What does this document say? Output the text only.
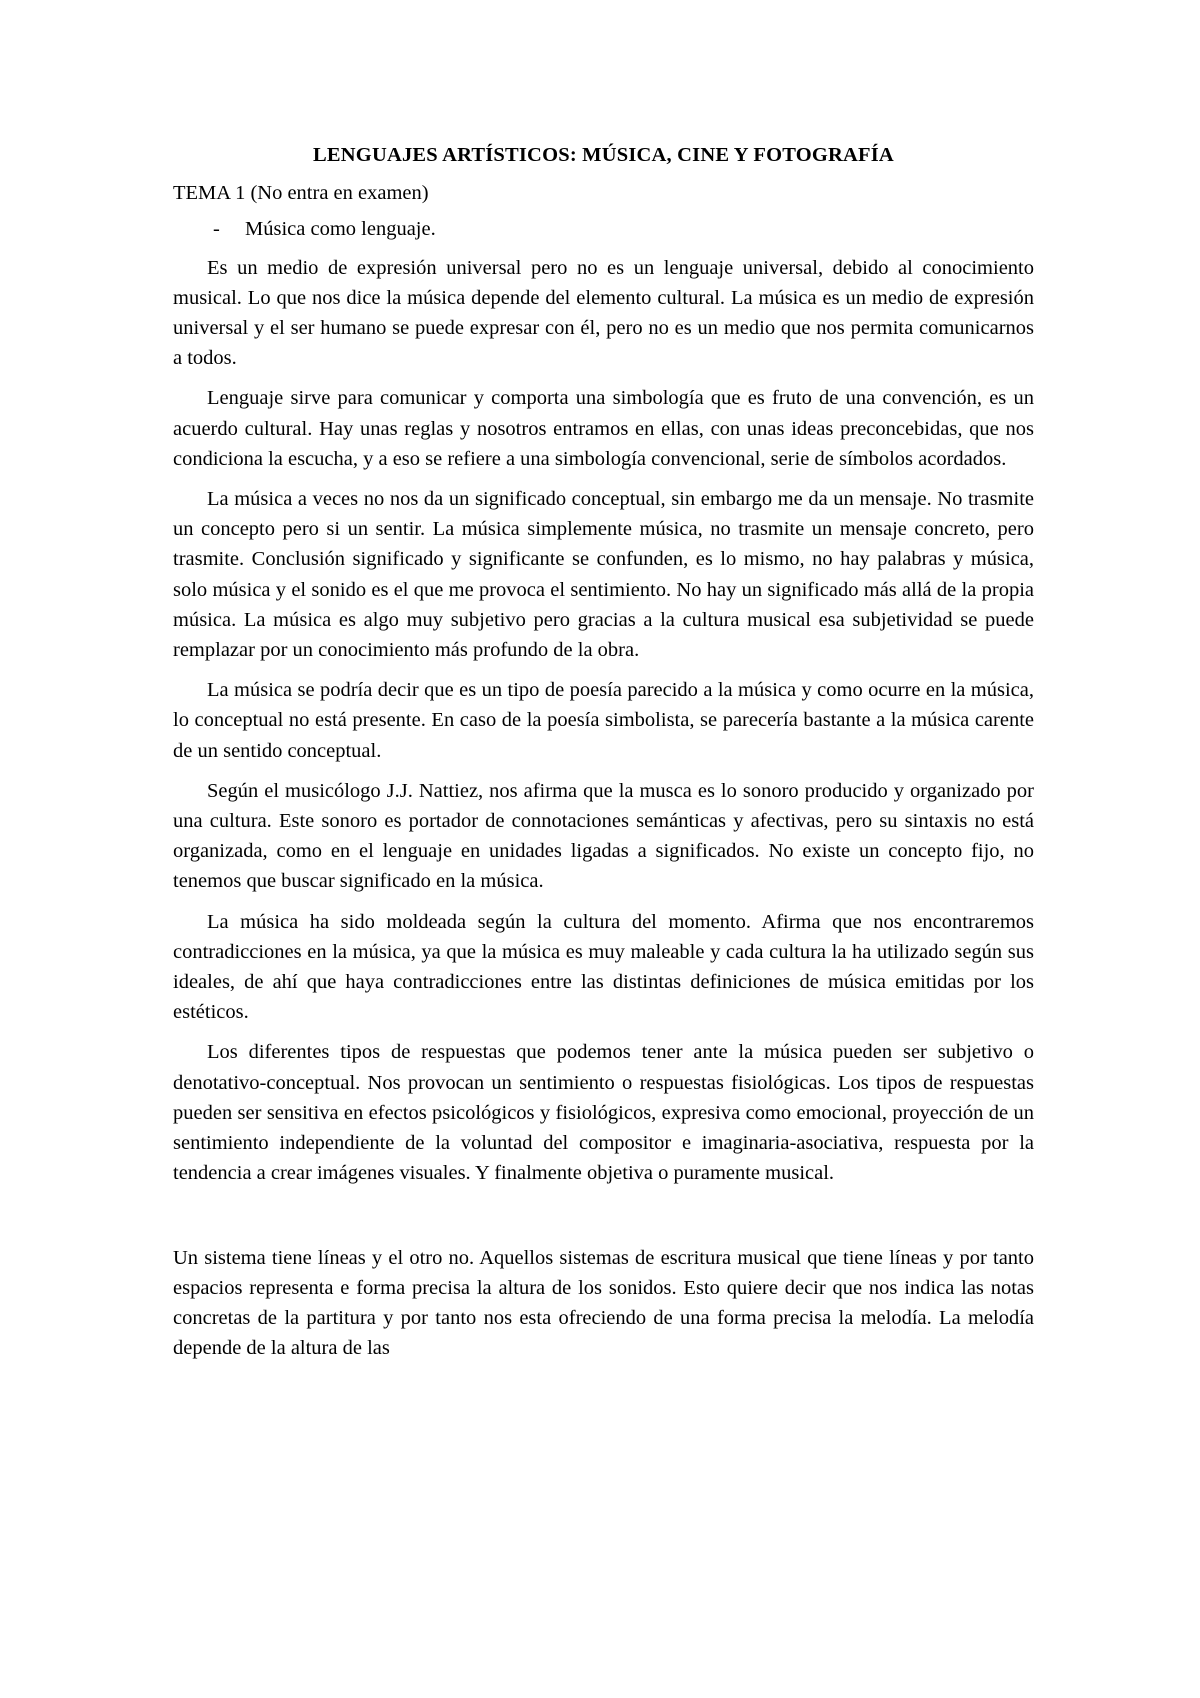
LENGUAJES ARTÍSTICOS: MÚSICA, CINE Y FOTOGRAFÍA
TEMA 1 (No entra en examen)
- Música como lenguaje.

Es un medio de expresión universal pero no es un lenguaje universal, debido al conocimiento musical. Lo que nos dice la música depende del elemento cultural. La música es un medio de expresión universal y el ser humano se puede expresar con él, pero no es un medio que nos permita comunicarnos a todos.

Lenguaje sirve para comunicar y comporta una simbología que es fruto de una convención, es un acuerdo cultural. Hay unas reglas y nosotros entramos en ellas, con unas ideas preconcebidas, que nos condiciona la escucha, y a eso se refiere a una simbología convencional, serie de símbolos acordados.

La música a veces no nos da un significado conceptual, sin embargo me da un mensaje. No trasmite un concepto pero si un sentir. La música simplemente música, no trasmite un mensaje concreto, pero trasmite. Conclusión significado y significante se confunden, es lo mismo, no hay palabras y música, solo música y el sonido es el que me provoca el sentimiento. No hay un significado más allá de la propia música. La música es algo muy subjetivo pero gracias a la cultura musical esa subjetividad se puede remplazar por un conocimiento más profundo de la obra.

La música se podría decir que es un tipo de poesía parecido a la música y como ocurre en la música, lo conceptual no está presente. En caso de la poesía simbolista, se parecería bastante a la música carente de un sentido conceptual.

Según el musicólogo J.J. Nattiez, nos afirma que la musca es lo sonoro producido y organizado por una cultura. Este sonoro es portador de connotaciones semánticas y afectivas, pero su sintaxis no está organizada, como en el lenguaje en unidades ligadas a significados. No existe un concepto fijo, no tenemos que buscar significado en la música.

La música ha sido moldeada según la cultura del momento. Afirma que nos encontraremos contradicciones en la música, ya que la música es muy maleable y cada cultura la ha utilizado según sus ideales, de ahí que haya contradicciones entre las distintas definiciones de música emitidas por los estéticos.

Los diferentes tipos de respuestas que podemos tener ante la música pueden ser subjetivo o denotativo-conceptual. Nos provocan un sentimiento o respuestas fisiológicas. Los tipos de respuestas pueden ser sensitiva en efectos psicológicos y fisiológicos, expresiva como emocional, proyección de un sentimiento independiente de la voluntad del compositor e imaginaria-asociativa, respuesta por la tendencia a crear imágenes visuales. Y finalmente objetiva o puramente musical.

Un sistema tiene líneas y el otro no. Aquellos sistemas de escritura musical que tiene líneas y por tanto espacios representa e forma precisa la altura de los sonidos. Esto quiere decir que nos indica las notas concretas de la partitura y por tanto nos esta ofreciendo de una forma precisa la melodía. La melodía depende de la altura de las
